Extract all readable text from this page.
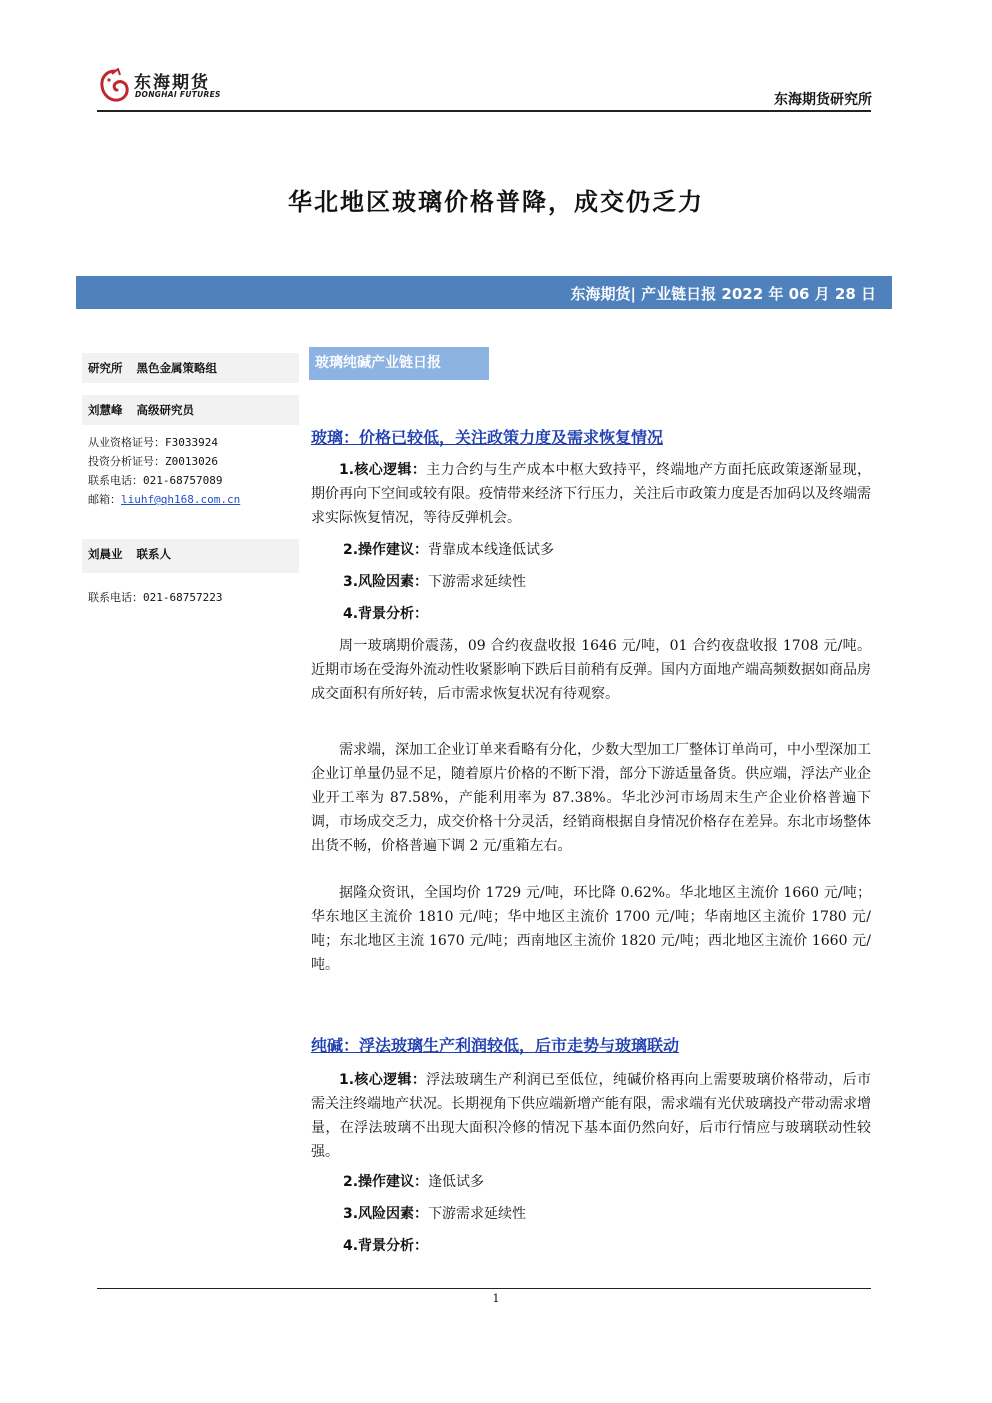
东海期货
DONGHAI FUTURES	东海期货研究所
华北地区玻璃价格普降，成交仍乏力
东海期货| 产业链日报 2022 年 06 月 28 日
研究所 黑色金属策略组
刘慧峰 高级研究员
从业资格证号：F3033924
投资分析证号：Z0013026
联系电话：021-68757089
邮箱：liuhf@qh168.com.cn
刘晨业 联系人
联系电话：021-68757223
玻璃纯碱产业链日报
玻璃：价格已较低，关注政策力度及需求恢复情况

1.核心逻辑：主力合约与生产成本中枢大致持平，终端地产方面托底政策逐渐显现，期价再向下空间或较有限。疫情带来经济下行压力，关注后市政策力度是否加码以及终端需求实际恢复情况，等待反弹机会。

2.操作建议：背靠成本线逢低试多
3.风险因素：下游需求延续性
4.背景分析：

周一玻璃期价震荡，09 合约夜盘收报 1646 元/吨，01 合约夜盘收报 1708 元/吨。近期市场在受海外流动性收紧影响下跌后目前稍有反弹。国内方面地产端高频数据如商品房成交面积有所好转，后市需求恢复状况有待观察。

需求端，深加工企业订单来看略有分化，少数大型加工厂整体订单尚可，中小型深加工企业订单量仍显不足，随着原片价格的不断下滑，部分下游适量备货。供应端，浮法产业企业开工率为 87.58%，产能利用率为 87.38%。华北沙河市场周末生产企业价格普遍下调，市场成交乏力，成交价格十分灵活，经销商根据自身情况价格存在差异。东北市场整体出货不畅，价格普遍下调 2 元/重箱左右。

据隆众资讯，全国均价 1729 元/吨，环比降 0.62%。华北地区主流价 1660 元/吨；华东地区主流价 1810 元/吨；华中地区主流价 1700 元/吨；华南地区主流价 1780 元/吨；东北地区主流 1670 元/吨；西南地区主流价 1820 元/吨；西北地区主流价 1660 元/吨。

纯碱：浮法玻璃生产利润较低，后市走势与玻璃联动

1.核心逻辑：浮法玻璃生产利润已至低位，纯碱价格再向上需要玻璃价格带动，后市需关注终端地产状况。长期视角下供应端新增产能有限，需求端有光伏玻璃投产带动需求增量，在浮法玻璃不出现大面积冷修的情况下基本面仍然向好，后市行情应与玻璃联动性较强。

2.操作建议：逢低试多
3.风险因素：下游需求延续性
4.背景分析：
1
